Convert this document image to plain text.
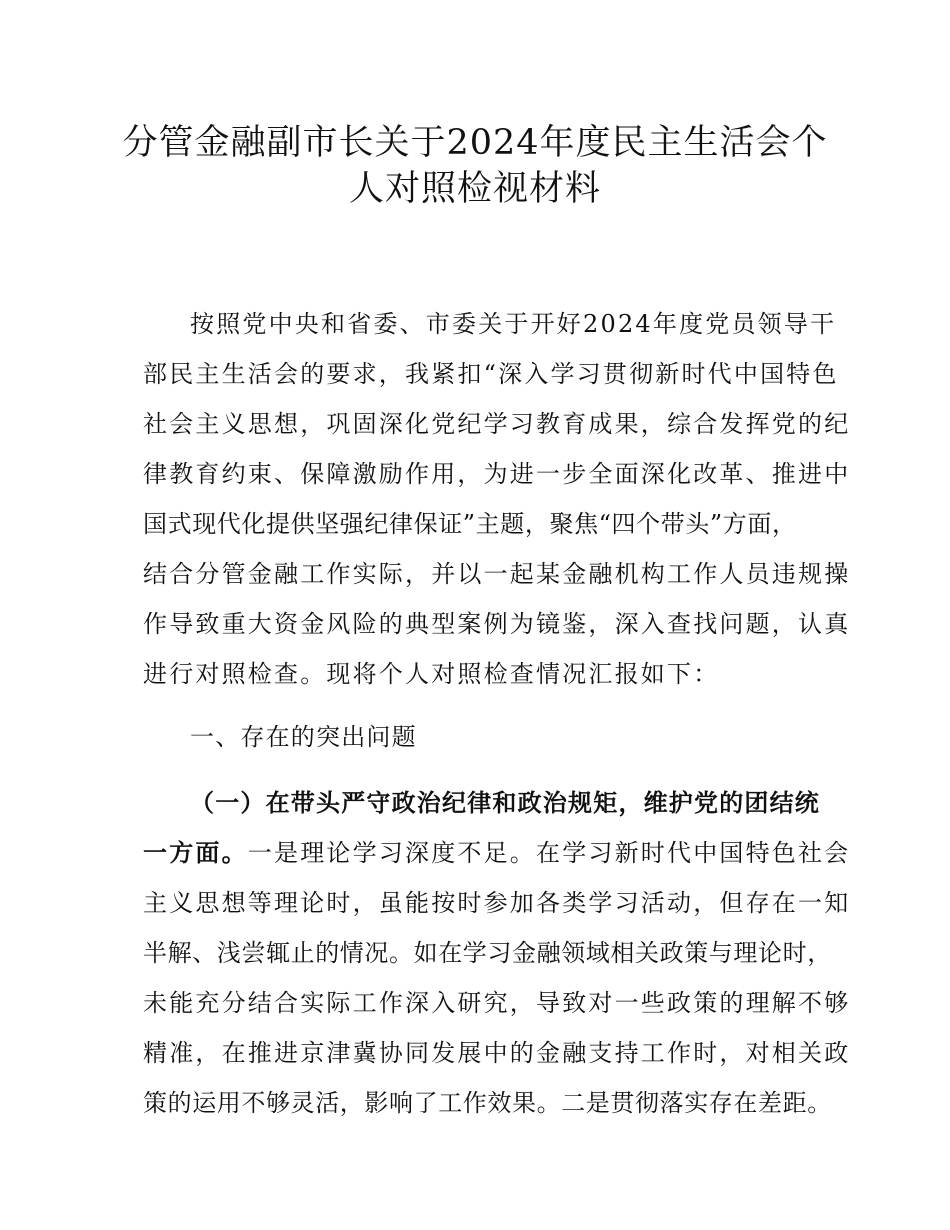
分管金融副市长关于2024年度民主生活会个
人对照检视材料

按照党中央和省委、市委关于开好2024年度党员领导干

部民主生活会的要求，我紧扣“深入学习贯彻新时代中国特色

社会主义思想，巩固深化党纪学习教育成果，综合发挥党的纪

律教育约束、保障激励作用，为进一步全面深化改革、推进中

国式现代化提供坚强纪律保证”主题，聚焦“四个带头”方面，

结合分管金融工作实际，并以一起某金融机构工作人员违规操

作导致重大资金风险的典型案例为镜鉴，深入查找问题，认真

进行对照检查。现将个人对照检查情况汇报如下：

一、存在的突出问题

（一）在带头严守政治纪律和政治规矩，维护党的团结统

一方面。一是理论学习深度不足。在学习新时代中国特色社会

主义思想等理论时，虽能按时参加各类学习活动，但存在一知

半解、浅尝辄止的情况。如在学习金融领域相关政策与理论时，

未能充分结合实际工作深入研究，导致对一些政策的理解不够

精准，在推进京津冀协同发展中的金融支持工作时，对相关政

策的运用不够灵活，影响了工作效果。二是贯彻落实存在差距。
